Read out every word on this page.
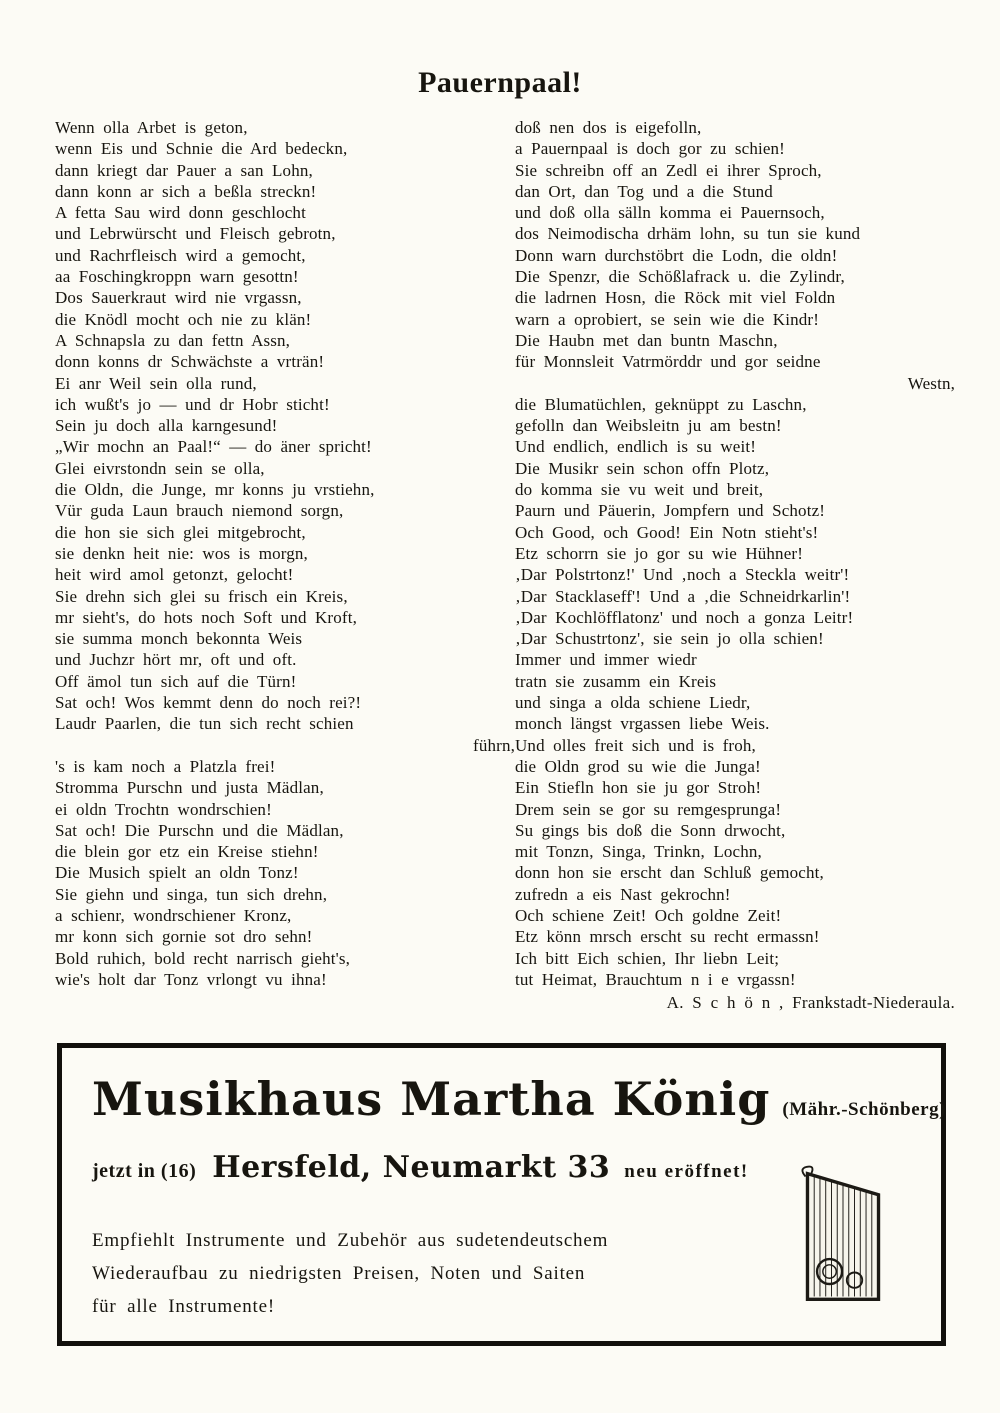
Pauernpaal!
Wenn olla Arbet is geton,
wenn Eis und Schnie die Ard bedeckn,
dann kriegt dar Pauer a san Lohn,
dann konn ar sich a beßla streckn!
A fetta Sau wird donn geschlocht
und Lebrwürscht und Fleisch gebrotn,
und Rachrfleisch wird a gemocht,
aa Foschingkroppn warn gesottn!
Dos Sauerkraut wird nie vrgassn,
die Knödl mocht och nie zu klän!
A Schnapsla zu dan fettn Assn,
donn konns dr Schwächste a vrträn!
Ei anr Weil sein olla rund,
ich wußt's jo — und dr Hobr sticht!
Sein ju doch alla karngesund!
„Wir mochn an Paal!“ — do äner spricht!
Glei eivrstondn sein se olla,
die Oldn, die Junge, mr konns ju vrstiehn,
Vür guda Laun brauch niemond sorgn,
die hon sie sich glei mitgebrocht,
sie denkn heit nie: wos is morgn,
heit wird amol getonzt, gelocht!
Sie drehn sich glei su frisch ein Kreis,
mr sieht's, do hots noch Soft und Kroft,
sie summa monch bekonnta Weis
und Juchzr hört mr, oft und oft.
Off ämol tun sich auf die Türn!
Sat och! Wos kemmt denn do noch rei?!
Laudr Paarlen, die tun sich recht schien
führn,
's is kam noch a Platzla frei!
Stromma Purschn und justa Mädlan,
ei oldn Trochtn wondrschien!
Sat och! Die Purschn und die Mädlan,
die blein gor etz ein Kreise stiehn!
Die Musich spielt an oldn Tonz!
Sie giehn und singa, tun sich drehn,
a schienr, wondrschiener Kronz,
mr konn sich gornie sot dro sehn!
Bold ruhich, bold recht narrisch gieht's,
wie's holt dar Tonz vrlongt vu ihna!
doß nen dos is eigefolln,
a Pauernpaal is doch gor zu schien!
Sie schreibn off an Zedl ei ihrer Sproch,
dan Ort, dan Tog und a die Stund
und doß olla sälln komma ei Pauernsoch,
dos Neimodischa drhäm lohn, su tun sie kund
Donn warn durchstöbrt die Lodn, die oldn!
Die Spenzr, die Schößlafrack u. die Zylindr,
die ladrnen Hosn, die Röck mit viel Foldn
warn a oprobiert, se sein wie die Kindr!
Die Haubn met dan buntn Maschn,
für Monnsleit Vatrmörddr und gor seidne
Westn,
die Blumatüchlen, geknüppt zu Laschn,
gefolln dan Weibsleitn ju am bestn!
Und endlich, endlich is su weit!
Die Musikr sein schon offn Plotz,
do komma sie vu weit und breit,
Paurn und Päuerin, Jompfern und Schotz!
Och Good, och Good! Ein Notn stieht's!
Etz schorrn sie jo gor su wie Hühner!
‚Dar Polstrtonz!' Und ‚noch a Steckla weitr'!
‚Dar Stacklaseff'! Und a ‚die Schneidrkarlin'!
‚Dar Kochlöfflatonz' und noch a gonza Leitr!
‚Dar Schustrtonz', sie sein jo olla schien!
Immer und immer wiedr
tratn sie zusamm ein Kreis
und singa a olda schiene Liedr,
monch längst vrgassen liebe Weis.
Und olles freit sich und is froh,
die Oldn grod su wie die Junga!
Ein Stiefln hon sie ju gor Stroh!
Drem sein se gor su remgesprunga!
Su gings bis doß die Sonn drwocht,
mit Tonzn, Singa, Trinkn, Lochn,
donn hon sie erscht dan Schluß gemocht,
zufredn a eis Nast gekrochn!
Och schiene Zeit! Och goldne Zeit!
Etz könn mrsch erscht su recht ermassn!
Ich bitt Eich schien, Ihr liebn Leit;
tut Heimat, Brauchtum n i e vrgassn!
A. S c h ö n , Frankstadt-Niederaula.
Musikhaus Martha König (Mähr.-Schönberg)
jetzt in (16) Hersfeld, Neumarkt 33 neu eröffnet!
Empfiehlt Instrumente und Zubehör aus sudetendeutschem
Wiederaufbau zu niedrigsten Preisen, Noten und Saiten
für alle Instrumente!
